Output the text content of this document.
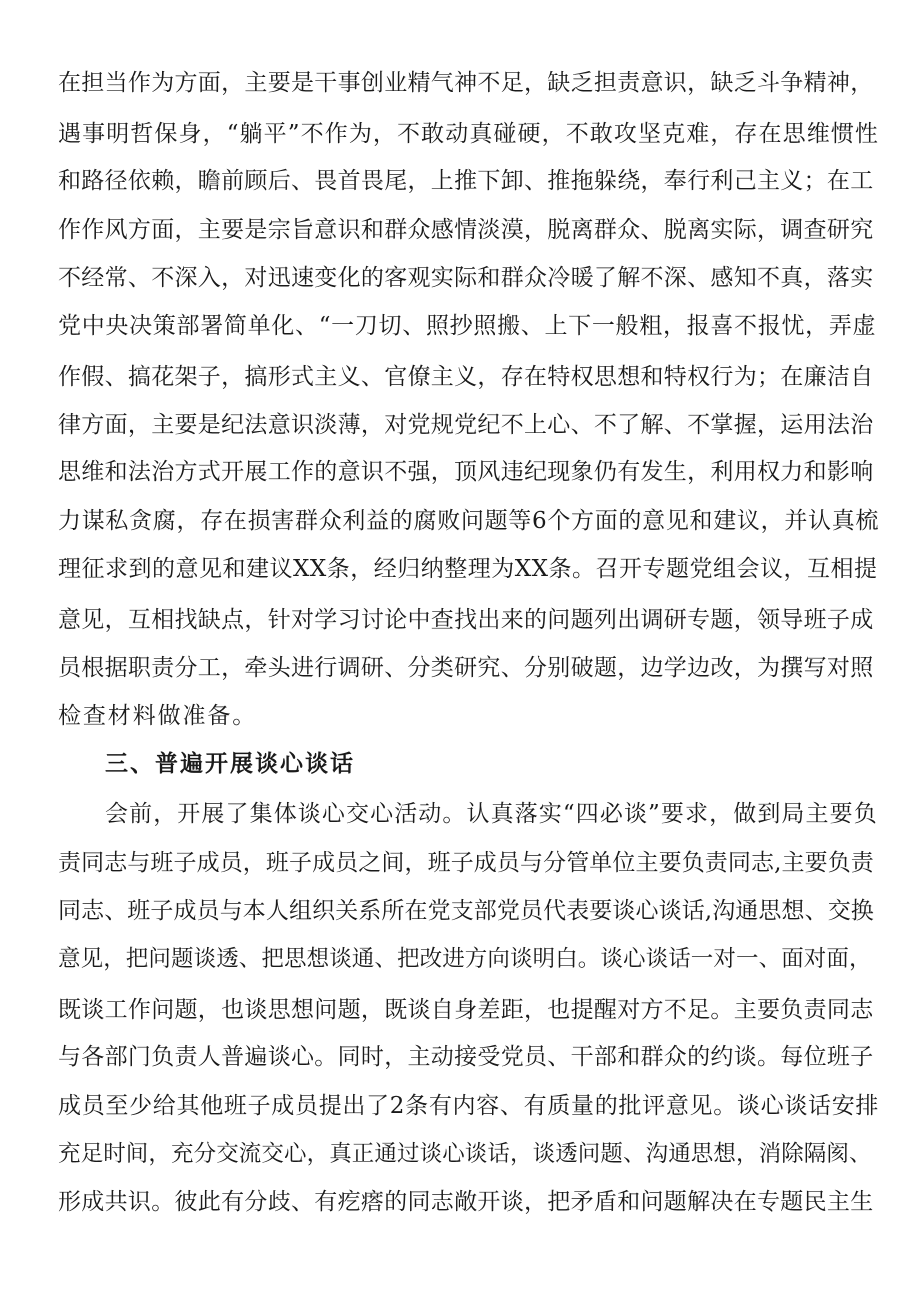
在担当作为方面，主要是干事创业精气神不足，缺乏担责意识，缺乏斗争精神，
遇事明哲保身，“躺平”不作为，不敢动真碰硬，不敢攻坚克难，存在思维惯性
和路径依赖，瞻前顾后、畏首畏尾，上推下卸、推拖躲绕，奉行利己主义；在工
作作风方面，主要是宗旨意识和群众感情淡漠，脱离群众、脱离实际，调查研究
不经常、不深入，对迅速变化的客观实际和群众冷暖了解不深、感知不真，落实
党中央决策部署简单化、“一刀切、照抄照搬、上下一般粗，报喜不报忧，弄虚
作假、搞花架子，搞形式主义、官僚主义，存在特权思想和特权行为；在廉洁自
律方面，主要是纪法意识淡薄，对党规党纪不上心、不了解、不掌握，运用法治
思维和法治方式开展工作的意识不强，顶风违纪现象仍有发生，利用权力和影响
力谋私贪腐，存在损害群众利益的腐败问题等6个方面的意见和建议，并认真梳
理征求到的意见和建议XX条，经归纳整理为XX条。召开专题党组会议，互相提
意见，互相找缺点，针对学习讨论中查找出来的问题列出调研专题，领导班子成
员根据职责分工，牵头进行调研、分类研究、分别破题，边学边改，为撰写对照
检查材料做准备。
三、普遍开展谈心谈话
会前，开展了集体谈心交心活动。认真落实“四必谈”要求，做到局主要负
责同志与班子成员，班子成员之间，班子成员与分管单位主要负责同志,主要负责
同志、班子成员与本人组织关系所在党支部党员代表要谈心谈话,沟通思想、交换
意见，把问题谈透、把思想谈通、把改进方向谈明白。谈心谈话一对一、面对面，
既谈工作问题，也谈思想问题，既谈自身差距，也提醒对方不足。主要负责同志
与各部门负责人普遍谈心。同时，主动接受党员、干部和群众的约谈。每位班子
成员至少给其他班子成员提出了2条有内容、有质量的批评意见。谈心谈话安排
充足时间，充分交流交心，真正通过谈心谈话，谈透问题、沟通思想，消除隔阂、
形成共识。彼此有分歧、有疙瘩的同志敞开谈，把矛盾和问题解决在专题民主生
